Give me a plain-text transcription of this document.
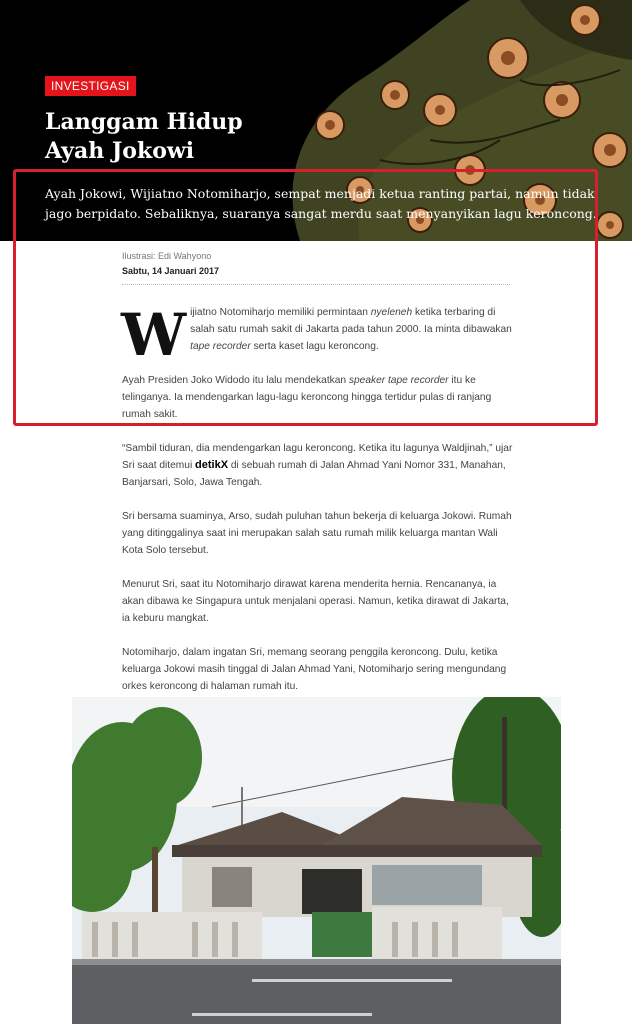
INVESTIGASI
Langgam Hidup
Ayah Jokowi

Ayah Jokowi, Wijiatno Notomiharjo, sempat menjadi ketua ranting partai, namun tidak jago berpidato. Sebaliknya, suaranya sangat merdu saat menyanyikan lagu keroncong.

Ilustrasi: Edi Wahyono
Sabtu, 14 Januari 2017

Wijiatno Notomiharjo memiliki permintaan nyeleneh ketika terbaring di salah satu rumah sakit di Jakarta pada tahun 2000. Ia minta dibawakan tape recorder serta kaset lagu keroncong.

Ayah Presiden Joko Widodo itu lalu mendekatkan speaker tape recorder itu ke telinganya. Ia mendengarkan lagu-lagu keroncong hingga tertidur pulas di ranjang rumah sakit.

“Sambil tiduran, dia mendengarkan lagu keroncong. Ketika itu lagunya Waldjinah,” ujar Sri saat ditemui detikX di sebuah rumah di Jalan Ahmad Yani Nomor 331, Manahan, Banjarsari, Solo, Jawa Tengah.

Sri bersama suaminya, Arso, sudah puluhan tahun bekerja di keluarga Jokowi. Rumah yang ditinggalinya saat ini merupakan salah satu rumah milik keluarga mantan Wali Kota Solo tersebut.

Menurut Sri, saat itu Notomiharjo dirawat karena menderita hernia. Rencananya, ia akan dibawa ke Singapura untuk menjalani operasi. Namun, ketika dirawat di Jakarta, ia keburu mangkat.

Notomiharjo, dalam ingatan Sri, memang seorang penggila keroncong. Dulu, ketika keluarga Jokowi masih tinggal di Jalan Ahmad Yani, Notomiharjo sering mengundang orkes keroncong di halaman rumah itu.
